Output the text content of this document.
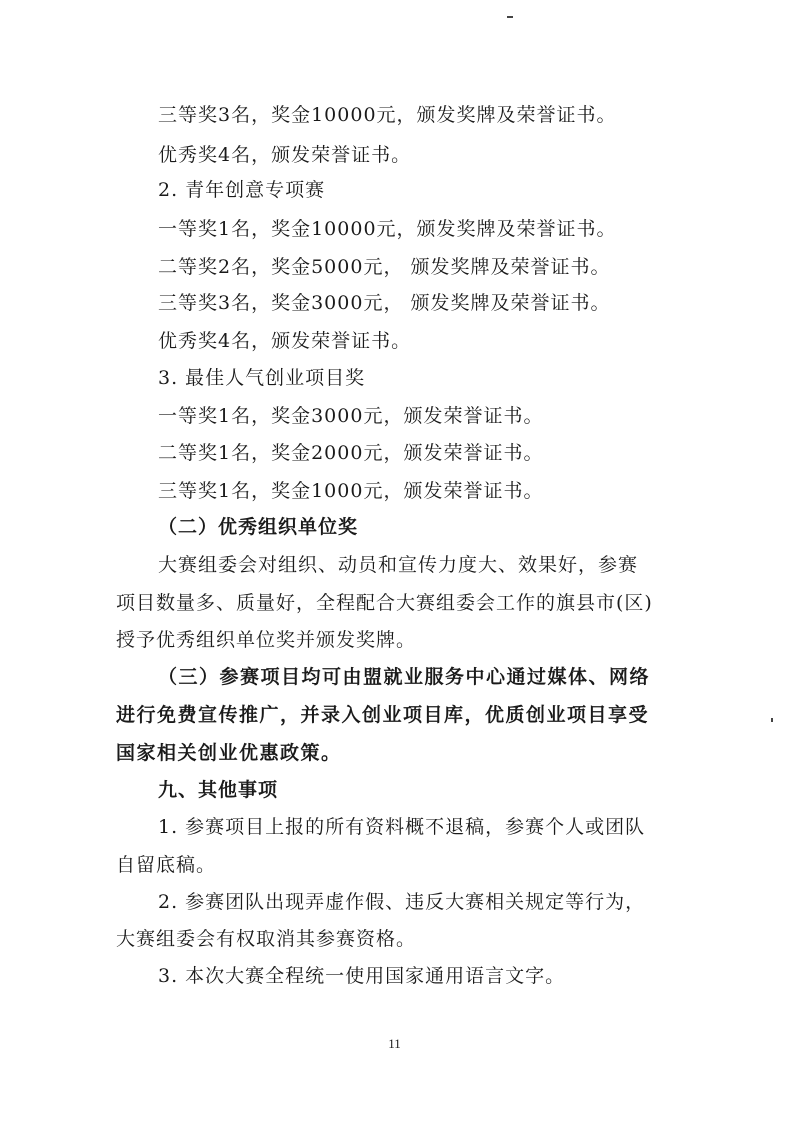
三等奖3名，奖金10000元，颁发奖牌及荣誉证书。
优秀奖4名，颁发荣誉证书。
2. 青年创意专项赛
一等奖1名，奖金10000元，颁发奖牌及荣誉证书。
二等奖2名，奖金5000元， 颁发奖牌及荣誉证书。
三等奖3名，奖金3000元， 颁发奖牌及荣誉证书。
优秀奖4名，颁发荣誉证书。
3. 最佳人气创业项目奖
一等奖1名，奖金3000元，颁发荣誉证书。
二等奖1名，奖金2000元，颁发荣誉证书。
三等奖1名，奖金1000元，颁发荣誉证书。
（二）优秀组织单位奖
大赛组委会对组织、动员和宣传力度大、效果好，参赛
项目数量多、质量好，全程配合大赛组委会工作的旗县市(区)
授予优秀组织单位奖并颁发奖牌。
（三）参赛项目均可由盟就业服务中心通过媒体、网络
进行免费宣传推广，并录入创业项目库，优质创业项目享受
国家相关创业优惠政策。
九、其他事项
1. 参赛项目上报的所有资料概不退稿，参赛个人或团队
自留底稿。
2. 参赛团队出现弄虚作假、违反大赛相关规定等行为，
大赛组委会有权取消其参赛资格。
3. 本次大赛全程统一使用国家通用语言文字。
11
